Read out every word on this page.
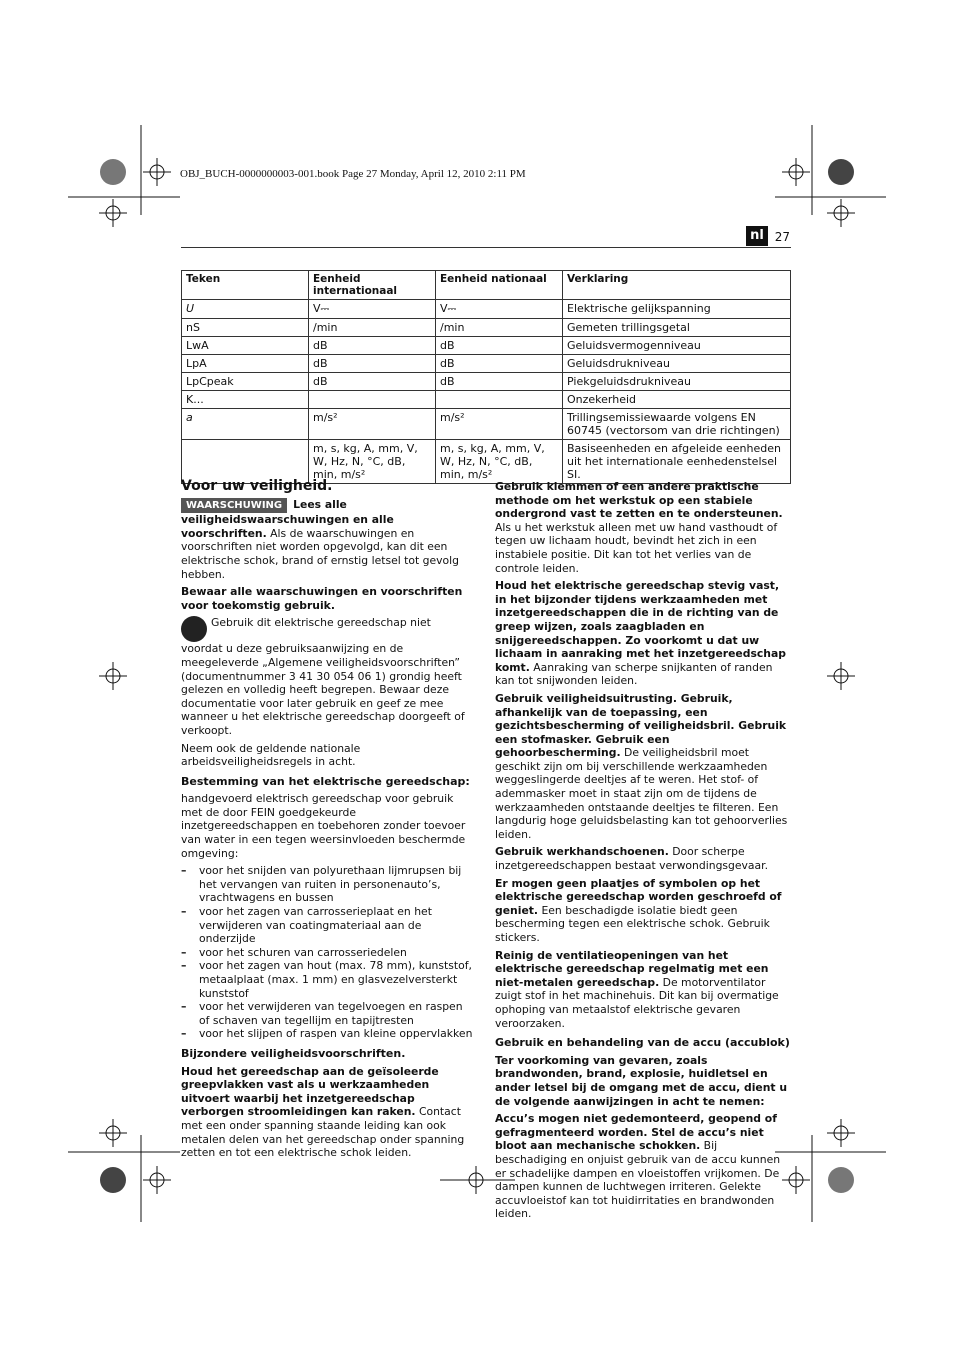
OBJ_BUCH-0000000003-001.book Page 27 Monday, April 12, 2010 2:11 PM
nl 27
Teken	Eenheid internationaal	Eenheid nationaal	Verklaring
U	V⎓	V⎓	Elektrische gelijkspanning
nS	/min	/min	Gemeten trillingsgetal
LwA	dB	dB	Geluidsvermogenniveau
LpA	dB	dB	Geluidsdrukniveau
LpCpeak	dB	dB	Piekgeluidsdrukniveau
K...			Onzekerheid
a	m/s²	m/s²	Trillingsemissiewaarde volgens EN 60745 (vectorsom van drie richtingen)
	m, s, kg, A, mm, V, W, Hz, N, °C, dB, min, m/s²	m, s, kg, A, mm, V, W, Hz, N, °C, dB, min, m/s²	Basiseenheden en afgeleide eenheden uit het internationale eenhedenstelsel SI.
Voor uw veiligheid.

WAARSCHUWING Lees alle veiligheidswaarschuwingen en alle voorschriften. Als de waarschuwingen en voorschriften niet worden opgevolgd, kan dit een elektrische schok, brand of ernstig letsel tot gevolg hebben.

Bewaar alle waarschuwingen en voorschriften voor toekomstig gebruik.

Gebruik dit elektrische gereedschap niet voordat u deze gebruiksaanwijzing en de meegeleverde „Algemene veiligheidsvoorschriften” (documentnummer 3 41 30 054 06 1) grondig heeft gelezen en volledig heeft begrepen. Bewaar deze documentatie voor later gebruik en geef ze mee wanneer u het elektrische gereedschap doorgeeft of verkoopt.

Neem ook de geldende nationale arbeidsveiligheidsregels in acht.

Bestemming van het elektrische gereedschap:

handgevoerd elektrisch gereedschap voor gebruik met de door FEIN goedgekeurde inzetgereedschappen en toebehoren zonder toevoer van water in een tegen weersinvloeden beschermde omgeving:

– voor het snijden van polyurethaan lijmrupsen bij het vervangen van ruiten in personenauto’s, vrachtwagens en bussen
– voor het zagen van carrosserieplaat en het verwijderen van coatingmateriaal aan de onderzijde
– voor het schuren van carrosseriedelen
– voor het zagen van hout (max. 78 mm), kunststof, metaalplaat (max. 1 mm) en glasvezelversterkt kunststof
– voor het verwijderen van tegelvoegen en raspen of schaven van tegellijm en tapijtresten
– voor het slijpen of raspen van kleine oppervlakken
Bijzondere veiligheidsvoorschriften.

Houd het gereedschap aan de geïsoleerde greepvlakken vast als u werkzaamheden uitvoert waarbij het inzetgereedschap verborgen stroomleidingen kan raken. Contact met een onder spanning staande leiding kan ook metalen delen van het gereedschap onder spanning zetten en tot een elektrische schok leiden.

Gebruik klemmen of een andere praktische methode om het werkstuk op een stabiele ondergrond vast te zetten en te ondersteunen. Als u het werkstuk alleen met uw hand vasthoudt of tegen uw lichaam houdt, bevindt het zich in een instabiele positie. Dit kan tot het verlies van de controle leiden.

Houd het elektrische gereedschap stevig vast, in het bijzonder tijdens werkzaamheden met inzetgereedschappen die in de richting van de greep wijzen, zoals zaagbladen en snijgereedschappen. Zo voorkomt u dat uw lichaam in aanraking met het inzetgereedschap komt. Aanraking van scherpe snijkanten of randen kan tot snijwonden leiden.

Gebruik veiligheidsuitrusting. Gebruik, afhankelijk van de toepassing, een gezichtsbescherming of veiligheidsbril. Gebruik een stofmasker. Gebruik een gehoorbescherming. De veiligheidsbril moet geschikt zijn om bij verschillende werkzaamheden weggeslingerde deeltjes af te weren. Het stof- of ademmasker moet in staat zijn om de tijdens de werkzaamheden ontstaande deeltjes te filteren. Een langdurig hoge geluidsbelasting kan tot gehoorverlies leiden.

Gebruik werkhandschoenen. Door scherpe inzetgereedschappen bestaat verwondingsgevaar.

Er mogen geen plaatjes of symbolen op het elektrische gereedschap worden geschroefd of geniet. Een beschadigde isolatie biedt geen bescherming tegen een elektrische schok. Gebruik stickers.

Reinig de ventilatieopeningen van het elektrische gereedschap regelmatig met een niet-metalen gereedschap. De motorventilator zuigt stof in het machinehuis. Dit kan bij overmatige ophoping van metaalstof elektrische gevaren veroorzaken.

Gebruik en behandeling van de accu (accublok)

Ter voorkoming van gevaren, zoals brandwonden, brand, explosie, huidletsel en ander letsel bij de omgang met de accu, dient u de volgende aanwijzingen in acht te nemen:

Accu’s mogen niet gedemonteerd, geopend of gefragmenteerd worden. Stel de accu’s niet bloot aan mechanische schokken. Bij beschadiging en onjuist gebruik van de accu kunnen er schadelijke dampen en vloeistoffen vrijkomen. De dampen kunnen de luchtwegen irriteren. Gelekte accuvloeistof kan tot huidirritaties en brandwonden leiden.
